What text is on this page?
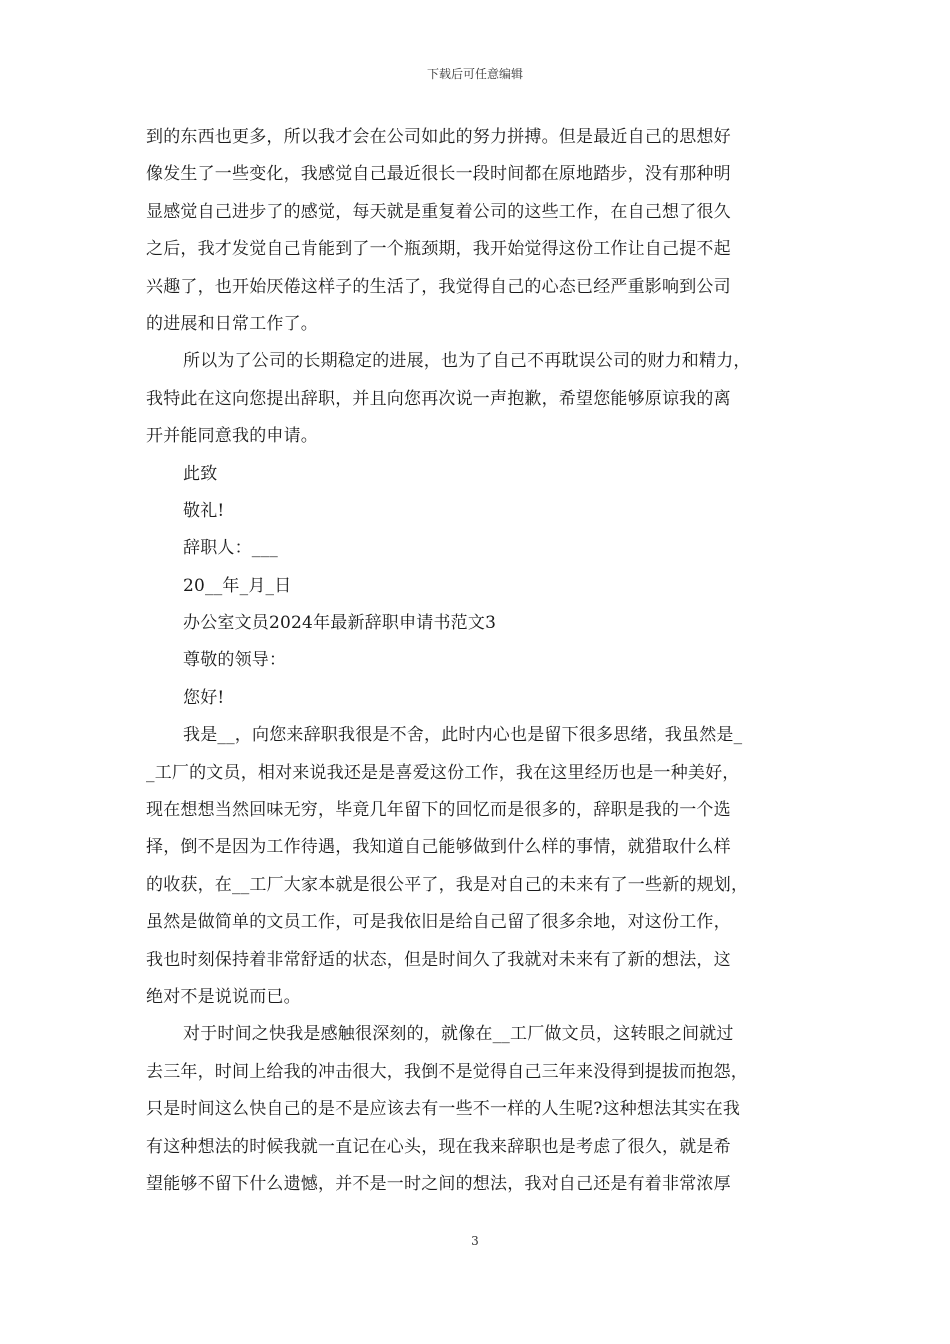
下载后可任意编辑
到的东西也更多，所以我才会在公司如此的努力拼搏。但是最近自己的思想好
像发生了一些变化，我感觉自己最近很长一段时间都在原地踏步，没有那种明
显感觉自己进步了的感觉，每天就是重复着公司的这些工作，在自己想了很久
之后，我才发觉自己肯能到了一个瓶颈期，我开始觉得这份工作让自己提不起
兴趣了，也开始厌倦这样子的生活了，我觉得自己的心态已经严重影响到公司
的进展和日常工作了。
所以为了公司的长期稳定的进展，也为了自己不再耽误公司的财力和精力，
我特此在这向您提出辞职，并且向您再次说一声抱歉，希望您能够原谅我的离
开并能同意我的申请。
此致
敬礼!
辞职人：___
20__年_月_日
办公室文员2024年最新辞职申请书范文3
尊敬的领导：
您好!
我是__，向您来辞职我很是不舍，此时内心也是留下很多思绪，我虽然是_
_工厂的文员，相对来说我还是是喜爱这份工作，我在这里经历也是一种美好，
现在想想当然回味无穷，毕竟几年留下的回忆而是很多的，辞职是我的一个选
择，倒不是因为工作待遇，我知道自己能够做到什么样的事情，就猎取什么样
的收获，在__工厂大家本就是很公平了，我是对自己的未来有了一些新的规划，
虽然是做简单的文员工作，可是我依旧是给自己留了很多余地，对这份工作，
我也时刻保持着非常舒适的状态，但是时间久了我就对未来有了新的想法，这
绝对不是说说而已。
对于时间之快我是感触很深刻的，就像在__工厂做文员，这转眼之间就过
去三年，时间上给我的冲击很大，我倒不是觉得自己三年来没得到提拔而抱怨，
只是时间这么快自己的是不是应该去有一些不一样的人生呢?这种想法其实在我
有这种想法的时候我就一直记在心头，现在我来辞职也是考虑了很久，就是希
望能够不留下什么遗憾，并不是一时之间的想法，我对自己还是有着非常浓厚
3
